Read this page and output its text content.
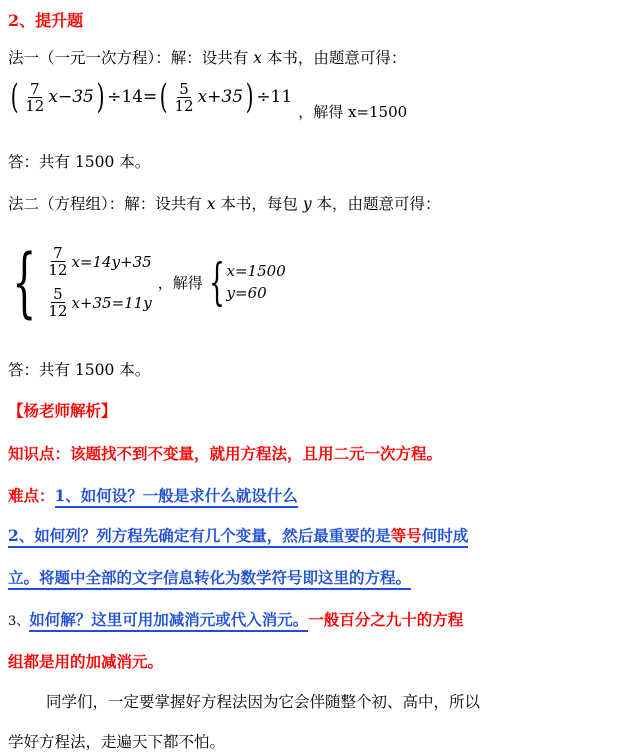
2、提升题
法一（一元一次方程）：解：设共有 x 本书，由题意可得：
( $\frac{7}{12} x-35$ ) ÷14= ( $\frac{5}{12} x+35$ ) ÷11
，解得 x=1500
答：共有 1500 本。
法二（方程组）：解：设共有 x 本书，每包 y 本，由题意可得：
{ $\frac{7}{12} x=14y+35$
$\frac{5}{12} x+35=11y$
，解得 { x=1500
y=60
答：共有 1500 本。
【杨老师解析】
知识点：该题找不到不变量，就用方程法，且用二元一次方程。
难点：1、如何设？一般是求什么就设什么
2、如何列？列方程先确定有几个变量，然后最重要的是等号何时成
立。将题中全部的文字信息转化为数学符号即这里的方程。
3、如何解？这里可用加减消元或代入消元。一般百分之九十的方程
组都是用的加减消元。
同学们，一定要掌握好方程法因为它会伴随整个初、高中，所以
学好方程法，走遍天下都不怕。
